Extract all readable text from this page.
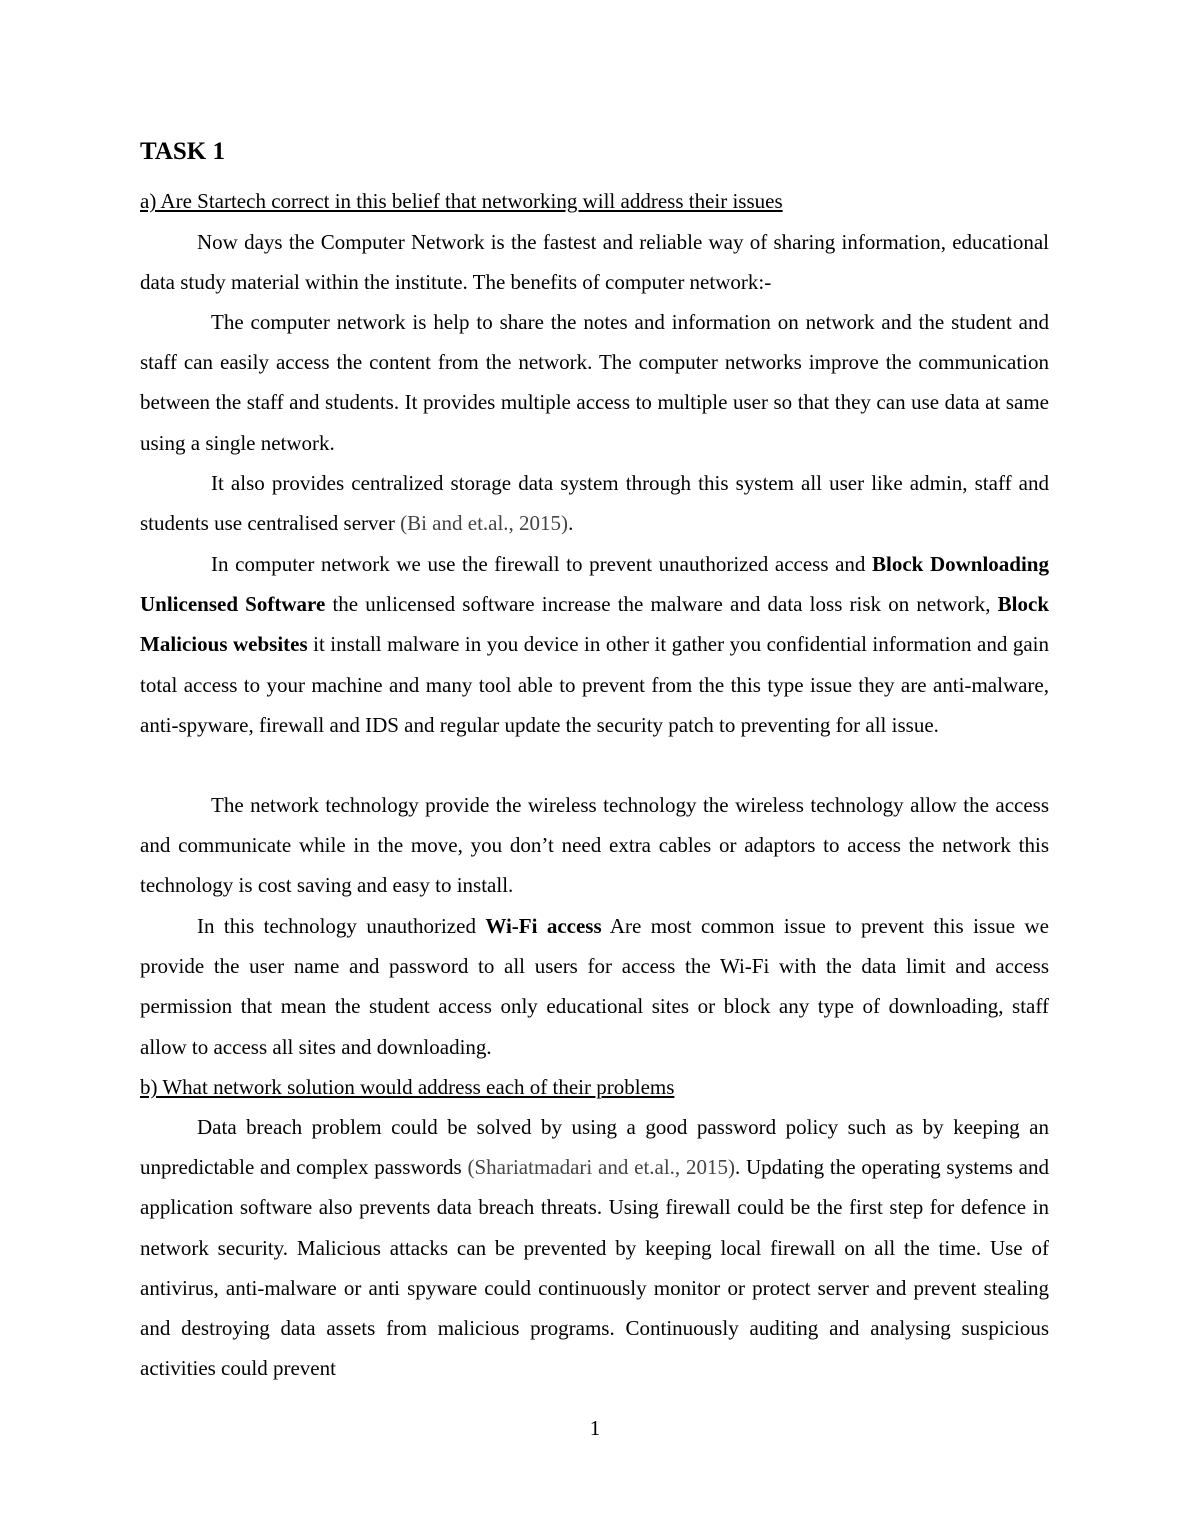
TASK 1

a) Are Startech correct in this belief that networking will address their issues

Now days the Computer Network is the fastest and reliable way of sharing information, educational data study material within the institute. The benefits of computer network:-

The computer network is help to share the notes and information on network and the student and staff can easily access the content from the network. The computer networks improve the communication between the staff and students. It provides multiple access to multiple user so that they can use data at same using a single network.

It also provides centralized storage data system through this system all user like admin, staff and students use centralised server (Bi and et.al., 2015).

In computer network we use the firewall to prevent unauthorized access and Block Downloading Unlicensed Software the unlicensed software increase the malware and data loss risk on network, Block Malicious websites it install malware in you device in other it gather you confidential information and gain total access to your machine and many tool able to prevent from the this type issue they are anti-malware, anti-spyware, firewall and IDS and regular update the security patch to preventing for all issue.

The network technology provide the wireless technology the wireless technology allow the access and communicate while in the move, you don’t need extra cables or adaptors to access the network this technology is cost saving and easy to install.

In this technology unauthorized Wi-Fi access Are most common issue to prevent this issue we provide the user name and password to all users for access the Wi-Fi with the data limit and access permission that mean the student access only educational sites or block any type of downloading, staff allow to access all sites and downloading.

b) What network solution would address each of their problems

Data breach problem could be solved by using a good password policy such as by keeping an unpredictable and complex passwords (Shariatmadari and et.al., 2015). Updating the operating systems and application software also prevents data breach threats. Using firewall could be the first step for defence in network security. Malicious attacks can be prevented by keeping local firewall on all the time. Use of antivirus, anti-malware or anti spyware could continuously monitor or protect server and prevent stealing and destroying data assets from malicious programs. Continuously auditing and analysing suspicious activities could prevent

1
